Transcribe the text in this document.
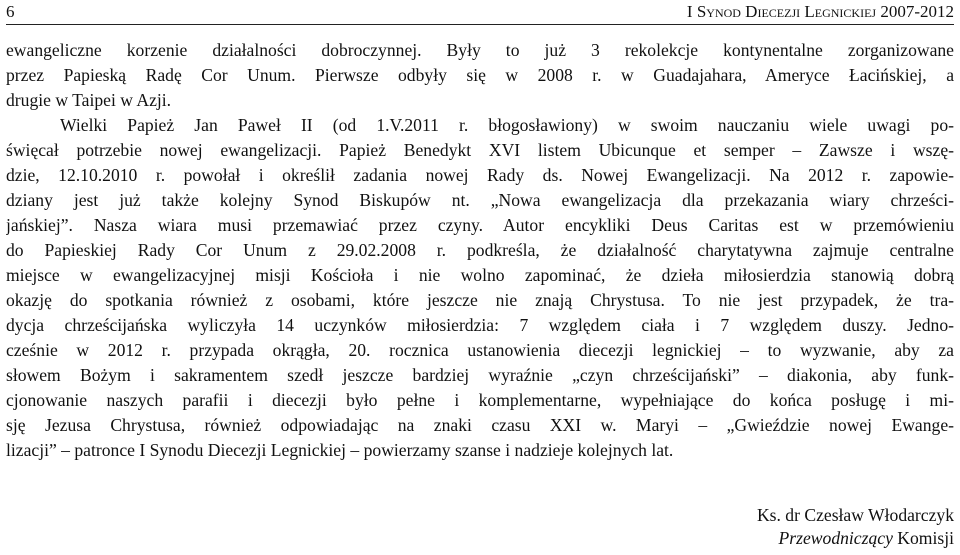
6	I Synod Diecezji Legnickiej 2007-2012
ewangeliczne korzenie działalności dobroczynnej. Były to już 3 rekolekcje kontynentalne zorganizowane
przez Papieską Radę Cor Unum. Pierwsze odbyły się w 2008 r. w Guadajahara, Ameryce Łacińskiej, a
drugie w Taipei w Azji.
Wielki Papież Jan Paweł II (od 1.V.2011 r. błogosławiony) w swoim nauczaniu wiele uwagi po-
święcał potrzebie nowej ewangelizacji. Papież Benedykt XVI listem Ubicunque et semper – Zawsze i wszę-
dzie, 12.10.2010 r. powołał i określił zadania nowej Rady ds. Nowej Ewangelizacji. Na 2012 r. zapowie-
dziany jest już także kolejny Synod Biskupów nt. „Nowa ewangelizacja dla przekazania wiary chrześci-
jańskiej”. Nasza wiara musi przemawiać przez czyny. Autor encykliki Deus Caritas est w przemówieniu
do Papieskiej Rady Cor Unum z 29.02.2008 r. podkreśla, że działalność charytatywna zajmuje centralne
miejsce w ewangelizacyjnej misji Kościoła i nie wolno zapominać, że dzieła miłosierdzia stanowią dobrą
okazję do spotkania również z osobami, które jeszcze nie znają Chrystusa. To nie jest przypadek, że tra-
dycja chrześcijańska wyliczyła 14 uczynków miłosierdzia: 7 względem ciała i 7 względem duszy. Jedno-
cześnie w 2012 r. przypada okrągła, 20. rocznica ustanowienia diecezji legnickiej – to wyzwanie, aby za
słowem Bożym i sakramentem szedł jeszcze bardziej wyraźnie „czyn chrześcijański” – diakonia, aby funk-
cjonowanie naszych parafii i diecezji było pełne i komplementarne, wypełniające do końca posługę i mi-
sję Jezusa Chrystusa, również odpowiadając na znaki czasu XXI w. Maryi – „Gwieździe nowej Ewange-
lizacji” – patronce I Synodu Diecezji Legnickiej – powierzamy szanse i nadzieje kolejnych lat.
Ks. dr Czesław Włodarczyk
Przewodniczący Komisji
